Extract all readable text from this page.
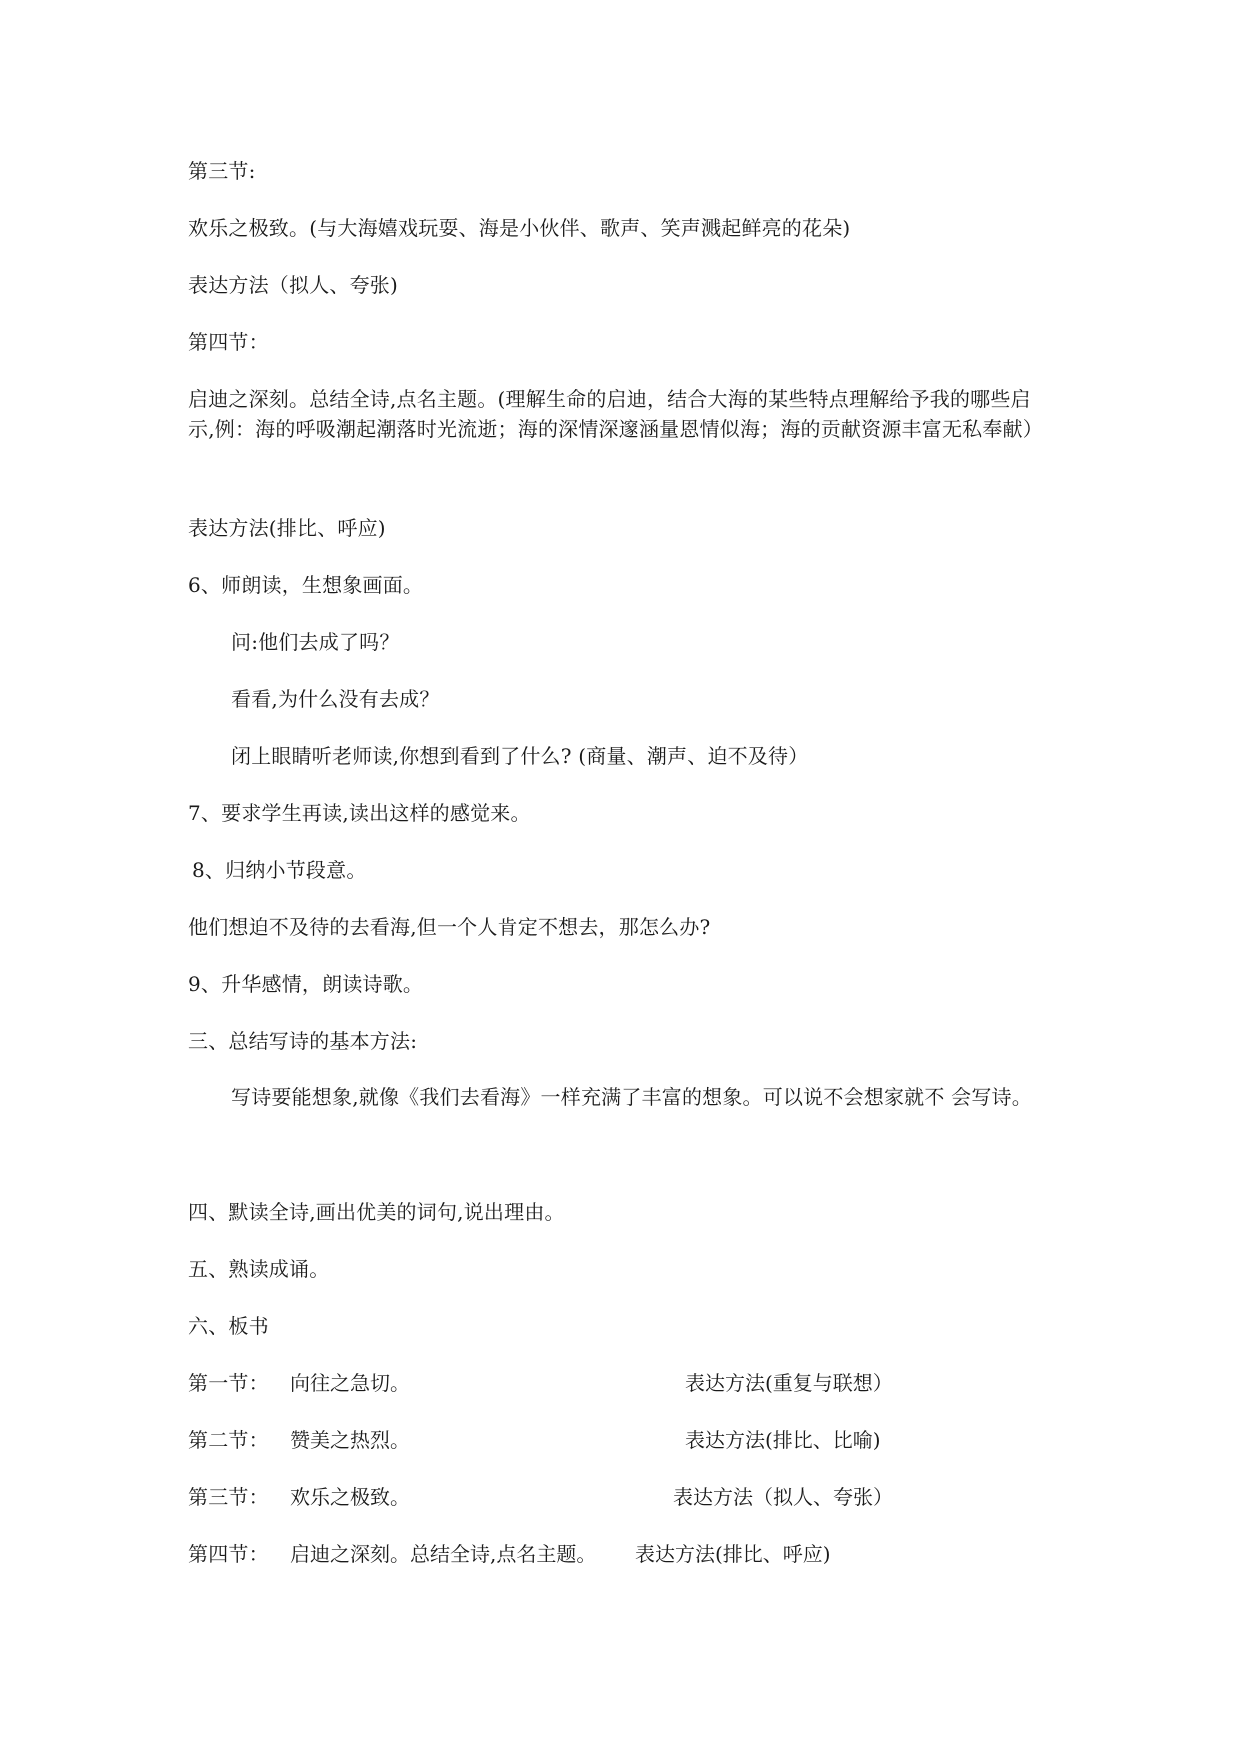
第三节:
欢乐之极致。(与大海嬉戏玩耍、海是小伙伴、歌声、笑声溅起鲜亮的花朵)
表达方法（拟人、夸张)
第四节：
启迪之深刻。总结全诗,点名主题。(理解生命的启迪，结合大海的某些特点理解给予我的哪些启示,例：海的呼吸潮起潮落时光流逝；海的深情深邃涵量恩情似海；海的贡献资源丰富无私奉献）
表达方法(排比、呼应)
6、师朗读，生想象画面。
问:他们去成了吗？
看看,为什么没有去成？
闭上眼睛听老师读,你想到看到了什么? (商量、潮声、迫不及待）
7、要求学生再读,读出这样的感觉来。
8、归纳小节段意。
他们想迫不及待的去看海,但一个人肯定不想去，那怎么办?
9、升华感情，朗读诗歌。
三、总结写诗的基本方法:
写诗要能想象,就像《我们去看海》一样充满了丰富的想象。可以说不会想家就不 会写诗。
四、默读全诗,画出优美的词句,说出理由。
五、熟读成诵。
六、板书
第一节： 向往之急切。	表达方法(重复与联想）
第二节： 赞美之热烈。	表达方法(排比、比喻)
第三节： 欢乐之极致。	表达方法（拟人、夸张）
第四节： 启迪之深刻。总结全诗,点名主题。 表达方法(排比、呼应)
